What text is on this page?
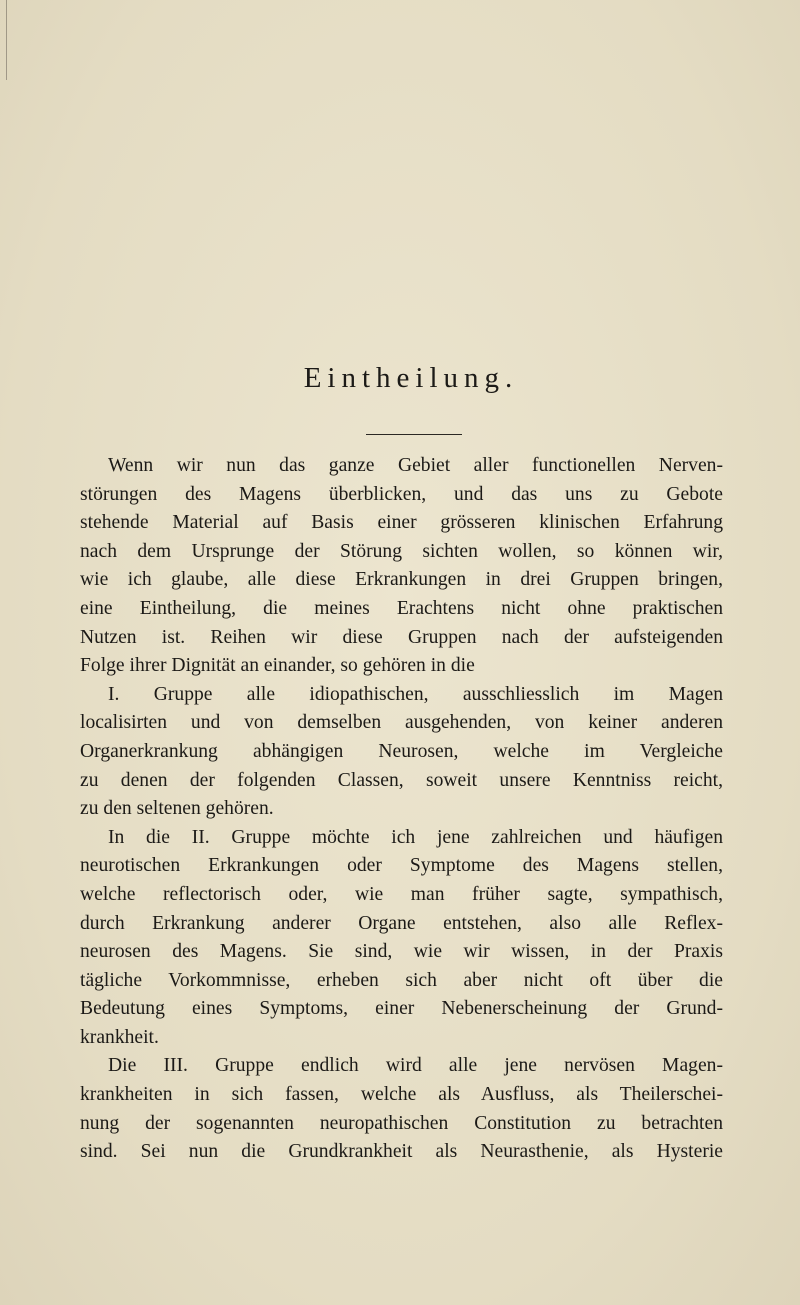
Eintheilung.
Wenn wir nun das ganze Gebiet aller functionellen Nerven-
störungen des Magens überblicken, und das uns zu Gebote
stehende Material auf Basis einer grösseren klinischen Erfahrung
nach dem Ursprunge der Störung sichten wollen, so können wir,
wie ich glaube, alle diese Erkrankungen in drei Gruppen bringen,
eine Eintheilung, die meines Erachtens nicht ohne praktischen
Nutzen ist. Reihen wir diese Gruppen nach der aufsteigenden
Folge ihrer Dignität an einander, so gehören in die
I. Gruppe alle idiopathischen, ausschliesslich im Magen
localisirten und von demselben ausgehenden, von keiner anderen
Organerkrankung abhängigen Neurosen, welche im Vergleiche
zu denen der folgenden Classen, soweit unsere Kenntniss reicht,
zu den seltenen gehören.
In die II. Gruppe möchte ich jene zahlreichen und häufigen
neurotischen Erkrankungen oder Symptome des Magens stellen,
welche reflectorisch oder, wie man früher sagte, sympathisch,
durch Erkrankung anderer Organe entstehen, also alle Reflex-
neurosen des Magens. Sie sind, wie wir wissen, in der Praxis
tägliche Vorkommnisse, erheben sich aber nicht oft über die
Bedeutung eines Symptoms, einer Nebenerscheinung der Grund-
krankheit.
Die III. Gruppe endlich wird alle jene nervösen Magen-
krankheiten in sich fassen, welche als Ausfluss, als Theilerschei-
nung der sogenannten neuropathischen Constitution zu betrachten
sind. Sei nun die Grundkrankheit als Neurasthenie, als Hysterie
